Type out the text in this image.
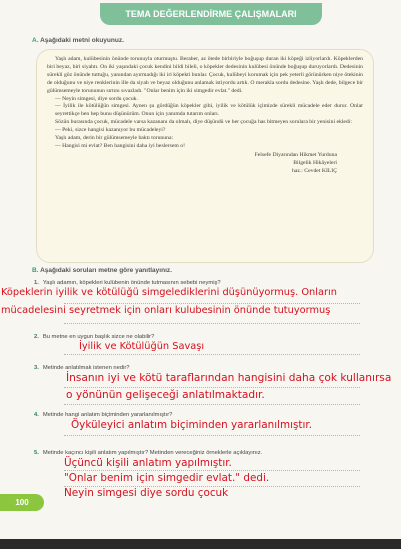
TEMA DEĞERLENDİRME ÇALIŞMALARI
A. Aşağıdaki metni okuyunuz.

Yaşlı adam, kulübesinin önünde torunuyla oturmuştu. Beraber, az ötede birbiriyle boğuşup duran iki köpeği izliyorlardı. Köpeklerden biri beyaz, biri siyahtı. On iki yaşındaki çocuk kendini bildi bileli, o köpekler dedesinin kulübesi önünde boğuşup duruyorlardı. Dedesinin sürekli göz önünde tuttuğu, yanından ayırmadığı iki iri köpekti bunlar. Çocuk, kulübeyi korumak için pek yeterli görünürken niye ötekinin de olduğunu ve niye renklerinin ille da siyah ve beyaz olduğunu anlamak istiyordu artık. O merakla sordu dedesine. Yaşlı dede, bilgece bir gülümsemeyle torununun sırtını sıvazladı. "Onlar benim için iki simgedir evlat." dedi.

— Neyin simgesi, diye sordu çocuk.

— İyilik ile kötülüğün simgesi. Aynen şu gördüğün köpekler gibi, iyilik ve kötülük içimizde sürekli mücadele eder durur. Onlar seyrettikçe ben hep bunu düşünürüm. Onun için yanımda tutarım onları.

Sözün burasında çocuk, mücadele varsa kazananı da olmalı, diye düşündü ve her çocuğa has bitmeyen sorulara bir yenisini ekledi:

— Peki, sizce hangisi kazanıyor bu mücadeleyi?

Yaşlı adam, derin bir gülümsemeyle baktı torununa:

— Hangisi mi evlat? Ben hangisini daha iyi beslersem o!

Felsefe Diyarından Hikmet Yurduna
Bilgelik Hikâyeleri
haz.: Cevdet KILIÇ
B. Aşağıdaki soruları metne göre yanıtlayınız.
1. Yaşlı adamın, köpekleri kulübenin önünde tutmasının sebebi neymiş?
Köpeklerin iyilik ve kötülüğü simgelediklerini düşünüyormuş. Onların
mücadelesini seyretmek için onları kulubesinin önünde tutuyormuş
2. Bu metne en uygun başlık sizce ne olabilir?
İyilik ve Kötülüğün Savaşı
3. Metinde anlatılmak istenen nedir?
İnsanın iyi ve kötü taraflarından hangisini daha çok kullanırsa
o yönünün gelişeceği anlatılmaktadır.
4. Metinde hangi anlatım biçiminden yararlanılmıştır?
Öyküleyici anlatım biçiminden yararlanılmıştır.
5. Metinde kaçıncı kişili anlatım yapılmıştır? Metinden vereceğiniz örneklerle açıklayınız.
Üçüncü kişili anlatım yapılmıştır.
"Onlar benim için simgedir evlat." dedi.
Neyin simgesi diye sordu çocuk
100
